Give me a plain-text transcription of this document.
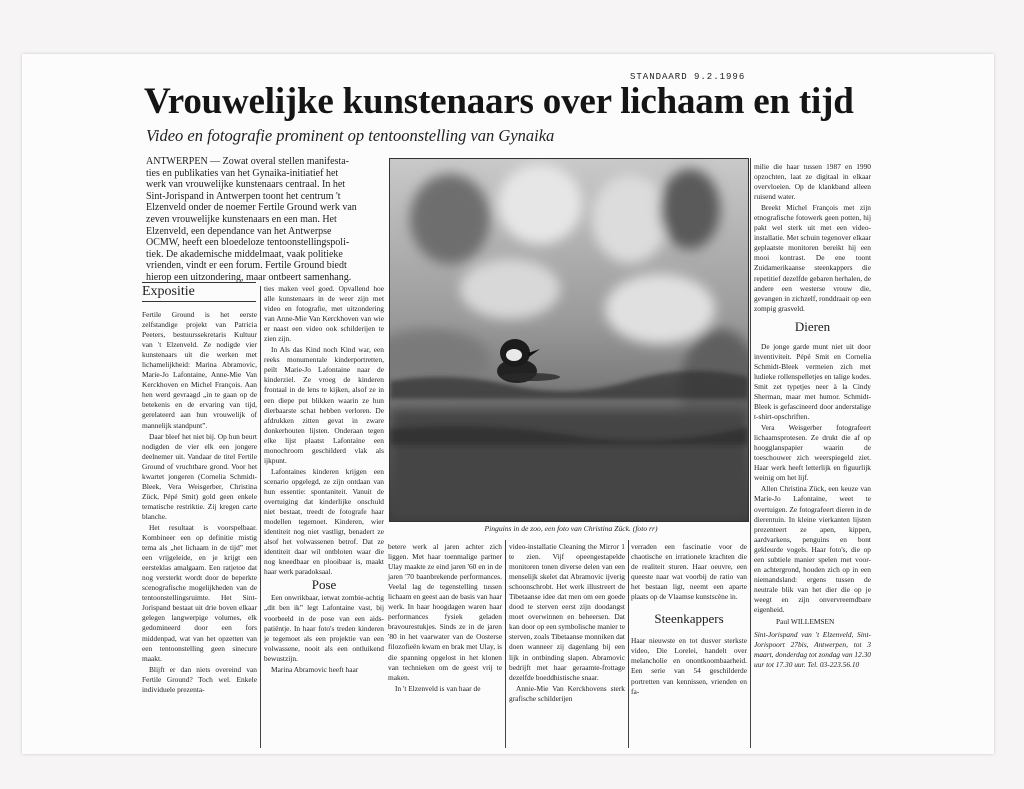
STANDAARD 9.2.1996
Vrouwelijke kunstenaars over lichaam en tijd
Video en fotografie prominent op tentoonstelling van Gynaika

ANTWERPEN — Zowat overal stellen manifesta-

ties en publikaties van het Gynaika-initiatief het

werk van vrouwelijke kunstenaars centraal. In het

Sint-Jorispand in Antwerpen toont het centrum 't

Elzenveld onder de noemer Fertile Ground werk van

zeven vrouwelijke kunstenaars en een man. Het

Elzenveld, een dependance van het Antwerpse

OCMW, heeft een bloedeloze tentoonstellingspoli-

tiek. De akademische middelmaat, vaak politieke

vrienden, vindt er een forum. Fertile Ground biedt

hierop een uitzondering, maar ontbeert samenhang.

Expositie

Fertile Ground is het eerste zelfstandige projekt van Patricia Peeters, bestuurssekretaris Kultuur van 't Elzenveld. Ze nodigde vier kunstenaars uit die werken met lichamelijkheid: Marina Abramovic, Marie-Jo Lafontaine, Anne-Mie Van Kerckhoven en Michel François. Aan hen werd gevraagd „in te gaan op de betekenis en de ervaring van tijd, gerelateerd aan hun vrouwelijk of mannelijk standpunt”.

Daar bleef het niet bij. Op hun beurt nodigden de vier elk een jongere deelnemer uit. Vandaar de titel Fertile Ground of vruchtbare grond. Voor het kwartet jongeren (Cornelia Schmidt-Bleek, Vera Weisgerber, Christina Zück, Pépé Smit) gold geen enkele tematische restriktie. Zij kregen carte blanche.

Het resultaat is voorspelbaar. Kombineer een op definitie mistig tema als „het lichaam in de tijd” met een vrijgeleide, en je krijgt een eersteklas amalgaam. Een ratjetoe dat nog versterkt wordt door de beperkte scenografische mogelijkheden van de tentoonstellingsruimte. Het Sint-Jorispand bestaat uit drie boven elkaar gelegen langwerpige volumes, elk gedomineerd door een fors middenpad, wat van het opzetten van een tentoonstelling geen sinecure maakt.

Blijft er dan niets overeind van Fertile Ground? Toch wel. Enkele individuele prezenta-

ties maken veel goed. Opvallend hoe alle kunstenaars in de weer zijn met video en fotografie, met uitzondering van Anne-Mie Van Kerckhoven van wie er naast een video ook schilderijen te zien zijn.

In Als das Kind noch Kind war, een reeks monumentale kinderportretten, peilt Marie-Jo Lafontaine naar de kinderziel. Ze vroeg de kinderen frontaal in de lens te kijken, alsof ze in een diepe put blikken waarin ze hun dierbaarste schat hebben verloren. De afdrukken zitten gevat in zware donkerhouten lijsten. Onderaan tegen elke lijst plaatst Lafontaine een monochroom geschilderd vlak als ijkpunt.

Lafontaines kinderen krijgen een scenario opgelegd, ze zijn ontdaan van hun essentie: spontaniteit. Vanuit de overtuiging dat kinderlijke onschuld niet bestaat, treedt de fotografe haar modellen tegemoet. Kinderen, wier identiteit nog niet vastligt, benadert ze alsof het volwassenen betrof. Dat ze identiteit daar wil ontbloten waar die nog kneedbaar en plooibaar is, maakt haar werk paradoksaal.

Pose

Een onwrikbaar, ietwat zombie-achtig „dit ben ik” legt Lafontaine vast, bij voorbeeld in de pose van een aids-patiëntje. In haar foto's treden kinderen je tegemoet als een projektie van een volwassene, nooit als een ontluikend bewustzijn.

Marina Abramovic heeft haar

Pinguins in de zoo, een foto van Christina Zück. (foto rr)

betere werk al jaren achter zich liggen. Met haar toenmalige partner Ulay maakte ze eind jaren '60 en in de jaren '70 baanbrekende performances. Veelal lag de tegenstelling tussen lichaam en geest aan de basis van haar werk. In haar hoogdagen waren haar performances fysiek geladen bravourestukjes. Sinds ze in de jaren '80 in het vaarwater van de Oosterse filozofieën kwam en brak met Ulay, is die spanning opgelost in het klonen van technieken om de geest vrij te maken.

In 't Elzenveld is van haar de

video-installatie Cleaning the Mirror 1 te zien. Vijf opeengestapelde monitoren tonen diverse delen van een menselijk skelet dat Abramovic ijverig schoonschrobt. Het werk illustreert de Tibetaanse idee dat men om een goede dood te sterven eerst zijn doodangst moet overwinnen en beheersen. Dat kan door op een symbolische manier te sterven, zoals Tibetaanse monniken dat doen wanneer zij dagenlang bij een lijk in ontbinding slapen. Abramovic bedrijft met haar geraamte-frottage dezelfde boeddhistische snaar.

Annie-Mie Van Kerckhovens sterk grafische schilderijen

verraden een fascinatie voor de chaotische en irrationele krachten die de realiteit sturen. Haar oeuvre, een queeste naar wat voorbij de ratio van het bestaan ligt, neemt een aparte plaats op de Vlaamse kunstscène in.

Steenkappers

Haar nieuwste en tot dusver sterkste video, Die Lorelei, handelt over melancholie en onontkoombaarheid. Een serie van 54 geschilderde portretten van kennissen, vrienden en fa-

milie die haar tussen 1987 en 1990 opzochten, laat ze digitaal in elkaar overvloeien. Op de klankband alleen ruisend water.

Breekt Michel François met zijn etnografische fotowerk geen potten, hij pakt wel sterk uit met een video-installatie. Met schuin tegenover elkaar geplaatste monitoren bereikt hij een mooi kontrast. De ene toont Zuidamerikaanse steenkappers die repetitief dezelfde gebaren herhalen, de andere een westerse vrouw die, gevangen in zichzelf, ronddraait op een zompig grasveld.

Dieren

De jonge garde munt niet uit door inventiviteit. Pépé Smit en Cornelia Schmidt-Bleek vermeien zich met ludieke rollenspelletjes en talige kodes. Smit zet typetjes neer à la Cindy Sherman, maar met humor. Schmidt-Bleek is gefascineerd door anderstalige t-shirt-opschriften.

Vera Weisgerber fotografeert lichaamsprotesen. Ze drukt die af op hoogglanspapier waarin de toeschouwer zich weerspiegeld ziet. Haar werk heeft letterlijk en figuurlijk weinig om het lijf.

Allen Christina Zück, een keuze van Marie-Jo Lafontaine, weet te overtuigen. Ze fotografeert dieren in de dierentuin. In kleine vierkanten lijsten prezenteert ze apen, kippen, aardvarkens, penguins en bont gekleurde vogels. Haar foto's, die op een subtiele manier spelen met voor- en achtergrond, houden zich op in een niemandsland: ergens tussen de neutrale blik van het dier die op je weegt en zijn onvervreemdbare eigenheid.

Paul WILLEMSEN

Sint-Jorispand van 't Elzenveld, Sint-Jorispoort 27bis, Antwerpen, tot 3 maart, donderdag tot zondag van 12.30 uur tot 17.30 uur. Tel. 03-223.56.10
